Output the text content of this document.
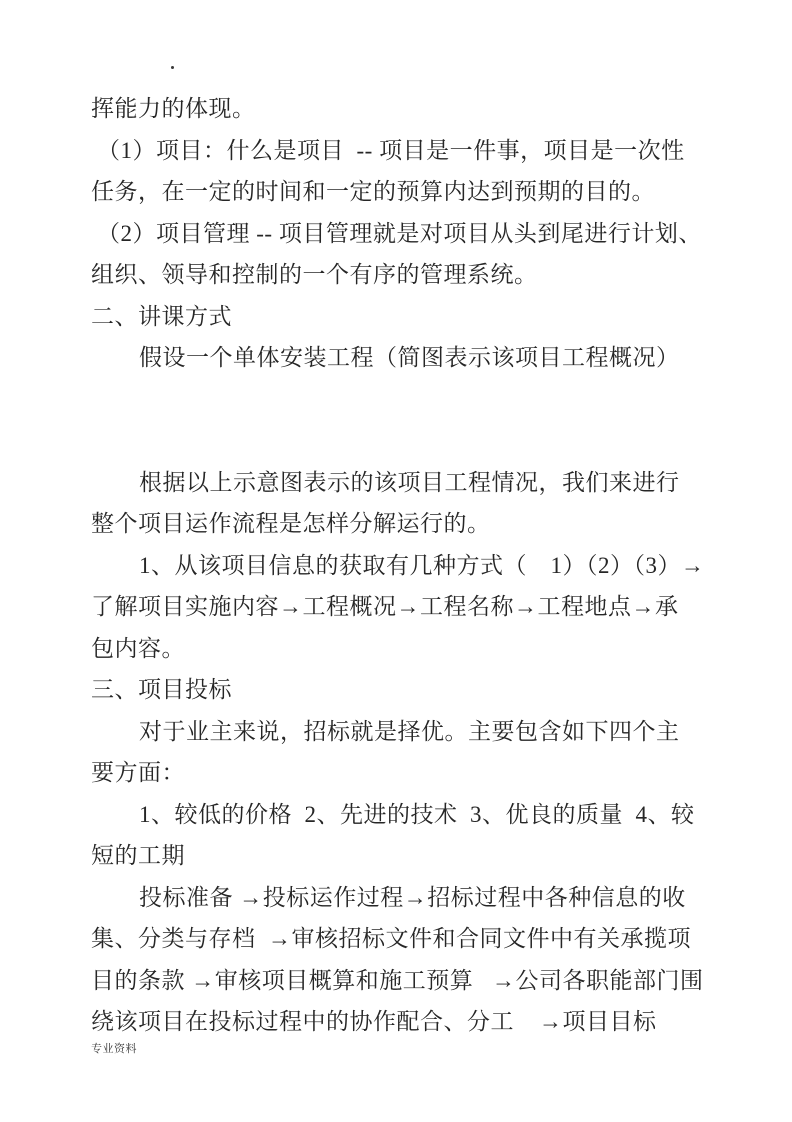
挥能力的体现。
（1）项目：什么是项目  -- 项目是一件事，项目是一次性
任务，在一定的时间和一定的预算内达到预期的目的。
（2）项目管理 -- 项目管理就是对项目从头到尾进行计划、
组织、领导和控制的一个有序的管理系统。
二、讲课方式
假设一个单体安装工程（简图表示该项目工程概况）
根据以上示意图表示的该项目工程情况，我们来进行
整个项目运作流程是怎样分解运行的。
1、从该项目信息的获取有几种方式（　1）（2）（3）→
了解项目实施内容→工程概况→工程名称→工程地点→承
包内容。
三、项目投标
对于业主来说，招标就是择优。主要包含如下四个主
要方面：
1、较低的价格  2、先进的技术  3、优良的质量  4、较
短的工期
投标准备 →投标运作过程→招标过程中各种信息的收
集、分类与存档  →审核招标文件和合同文件中有关承揽项
目的条款 →审核项目概算和施工预算   →公司各职能部门围
绕该项目在投标过程中的协作配合、分工    →项目目标
专业资料
